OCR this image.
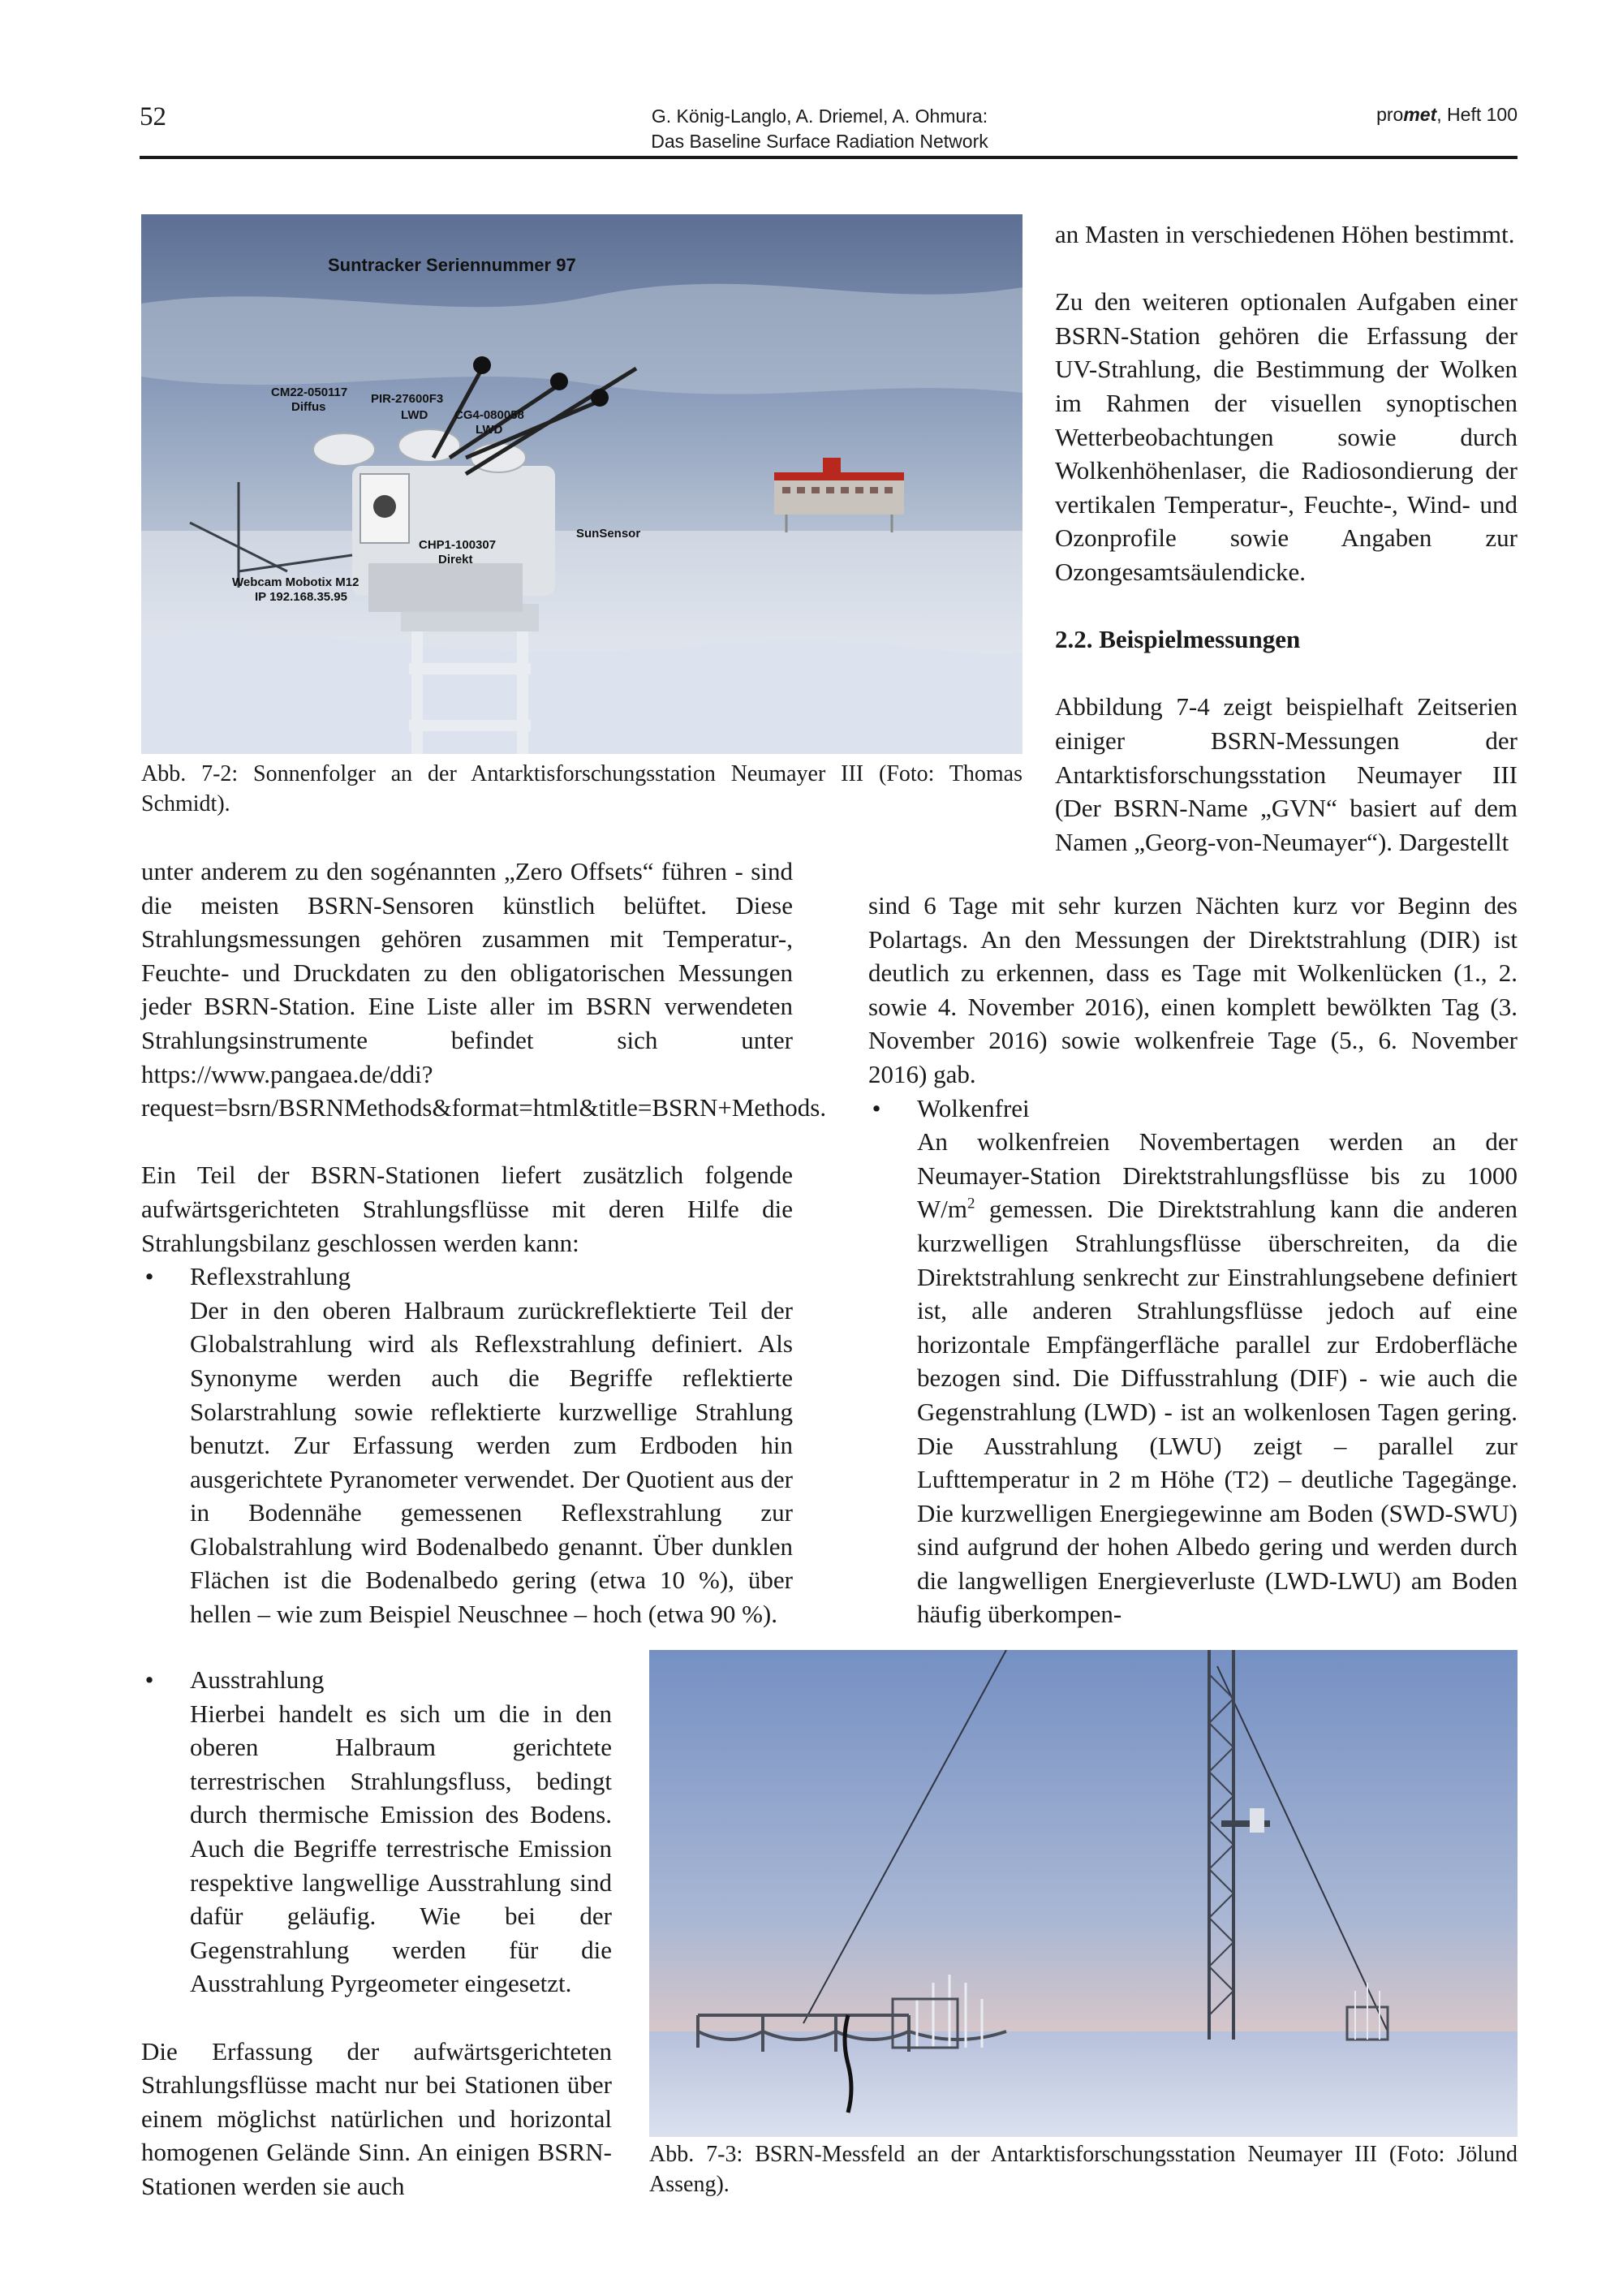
52	G. König-Langlo, A. Driemel, A. Ohmura:
Das Baseline Surface Radiation Network
promet, Heft 100
Suntracker Seriennummer 97
CM22-050117
Diffus
PIR-27600F3
LWD CG4-080058
LWD
SunSensor
CHP1-100307
Direkt
Webcam Mobotix M12
IP 192.168.35.95
Abb. 7-2: Sonnenfolger an der Antarktisforschungsstation Neumayer III (Foto: Thomas Schmidt).

unter anderem zu den sogénannten „Zero Offsets“ führen - sind die meisten BSRN-Sensoren künstlich belüftet. Diese Strahlungsmessungen gehören zusammen mit Temperatur-, Feuchte- und Druckdaten zu den obligatorischen Messungen jeder BSRN-Station. Eine Liste aller im BSRN verwendeten Strahlungsinstrumente befindet sich unter https://www.pangaea.de/ddi?request=bsrn/BSRNMethods&format=html&title=BSRN+Methods.

Ein Teil der BSRN-Stationen liefert zusätzlich folgende aufwärtsgerichteten Strahlungsflüsse mit deren Hilfe die Strahlungsbilanz geschlossen werden kann:

• Reflexstrahlung

Der in den oberen Halbraum zurückreflektierte Teil der Globalstrahlung wird als Reflexstrahlung definiert. Als Synonyme werden auch die Begriffe reflektierte Solarstrahlung sowie reflektierte kurzwellige Strahlung benutzt. Zur Erfassung werden zum Erdboden hin ausgerichtete Pyranometer verwendet. Der Quotient aus der in Bodennähe gemessenen Reflexstrahlung zur Globalstrahlung wird Bodenalbedo genannt. Über dunklen Flächen ist die Bodenalbedo gering (etwa 10 %), über hellen – wie zum Beispiel Neuschnee – hoch (etwa 90 %).

• Ausstrahlung

Hierbei handelt es sich um die in den oberen Halbraum gerichtete terrestrischen Strahlungsfluss, bedingt durch thermische Emission des Bodens. Auch die Begriffe terrestrische Emission respektive langwellige Ausstrahlung sind dafür geläufig. Wie bei der Gegenstrahlung werden für die Ausstrahlung Pyrgeometer eingesetzt.

Die Erfassung der aufwärtsgerichteten Strahlungsflüsse macht nur bei Stationen über einem möglichst natürlichen und horizontal homogenen Gelände Sinn. An einigen BSRN-Stationen werden sie auch

an Masten in verschiedenen Höhen bestimmt.

Zu den weiteren optionalen Aufgaben einer BSRN-Station gehören die Erfassung der UV-Strahlung, die Bestimmung der Wolken im Rahmen der visuellen synoptischen Wetterbeobachtungen sowie durch Wolkenhöhenlaser, die Radiosondierung der vertikalen Temperatur-, Feuchte-, Wind- und Ozonprofile sowie Angaben zur Ozongesamtsäulendicke.

2.2. Beispielmessungen

Abbildung 7-4 zeigt beispielhaft Zeitserien einiger BSRN-Messungen der Antarktisforschungsstation Neumayer III (Der BSRN-Name „GVN“ basiert auf dem Namen „Georg-von-Neumayer“). Dargestellt

sind 6 Tage mit sehr kurzen Nächten kurz vor Beginn des Polartags. An den Messungen der Direktstrahlung (DIR) ist deutlich zu erkennen, dass es Tage mit Wolkenlücken (1., 2. sowie 4. November 2016), einen komplett bewölkten Tag (3. November 2016) sowie wolkenfreie Tage (5., 6. November 2016) gab.

• Wolkenfrei

An wolkenfreien Novembertagen werden an der Neumayer-Station Direktstrahlungsflüsse bis zu 1000 $W/m^2$ gemessen. Die Direktstrahlung kann die anderen kurzwelligen Strahlungsflüsse überschreiten, da die Direktstrahlung senkrecht zur Einstrahlungsebene definiert ist, alle anderen Strahlungsflüsse jedoch auf eine horizontale Empfängerfläche parallel zur Erdoberfläche bezogen sind. Die Diffusstrahlung (DIF) - wie auch die Gegenstrahlung (LWD) - ist an wolkenlosen Tagen gering. Die Ausstrahlung (LWU) zeigt – parallel zur Lufttemperatur in 2 m Höhe (T2) – deutliche Tagegänge. Die kurzwelligen Energiegewinne am Boden (SWD-SWU) sind aufgrund der hohen Albedo gering und werden durch die langwelligen Energieverluste (LWD-LWU) am Boden häufig überkompen-

Abb. 7-3: BSRN-Messfeld an der Antarktisforschungsstation Neumayer III (Foto: Jölund Asseng).
